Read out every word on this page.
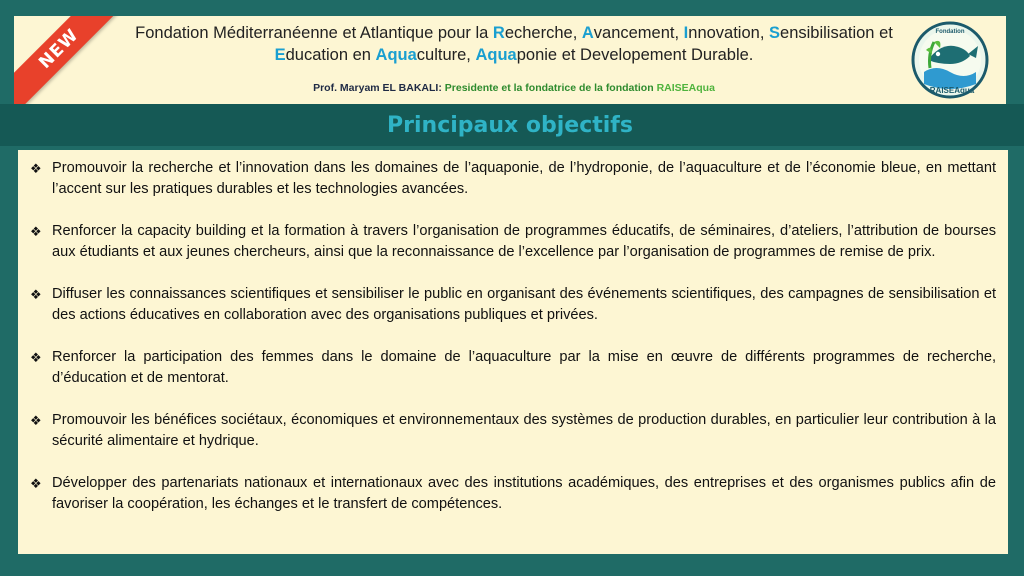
NEW	Fondation Méditerranéenne et Atlantique pour la Recherche, Avancement, Innovation, Sensibilisation et Education en Aquaculture, Aquaponie et Developement Durable.
Prof. Maryam EL BAKALI: Presidente et la fondatrice de la fondation RAISEAqua
Fondation
RAISEAqua
Principaux objectifs
❖ Promouvoir la recherche et l’innovation dans les domaines de l’aquaponie, de l’hydroponie, de l’aquaculture et de l’économie bleue, en mettant l’accent sur les pratiques durables et les technologies avancées.
❖ Renforcer la capacity building et la formation à travers l’organisation de programmes éducatifs, de séminaires, d’ateliers, l’attribution de bourses aux étudiants et aux jeunes chercheurs, ainsi que la reconnaissance de l’excellence par l’organisation de programmes de remise de prix.
❖ Diffuser les connaissances scientifiques et sensibiliser le public en organisant des événements scientifiques, des campagnes de sensibilisation et des actions éducatives en collaboration avec des organisations publiques et privées.
❖ Renforcer la participation des femmes dans le domaine de l’aquaculture par la mise en œuvre de différents programmes de recherche, d’éducation et de mentorat.
❖ Promouvoir les bénéfices sociétaux, économiques et environnementaux des systèmes de production durables, en particulier leur contribution à la sécurité alimentaire et hydrique.
❖ Développer des partenariats nationaux et internationaux avec des institutions académiques, des entreprises et des organismes publics afin de favoriser la coopération, les échanges et le transfert de compétences.
